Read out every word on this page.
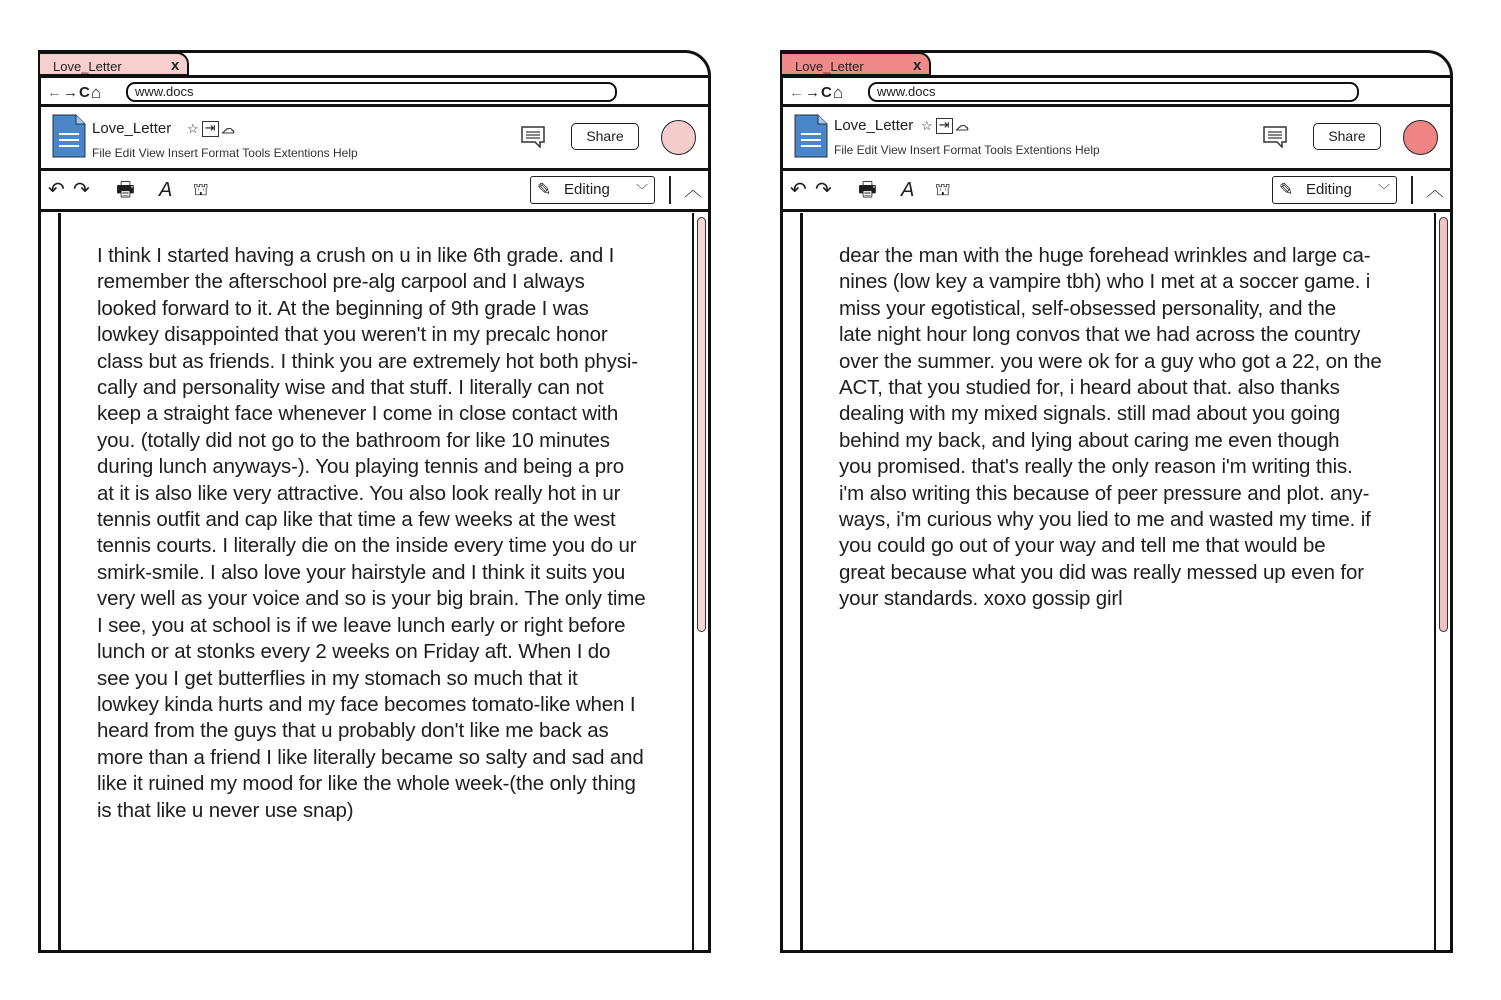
Love_Letter	x
← → C ⌂	www.docs
Love_Letter ☆ ⇥ ☁
File Edit View Insert Format Tools Extentions Help
Share
↶ ↷ 🖶 A ⛫	✎ Editing ﹀ ︿
I think I started having a crush on u in like 6th grade. and I
remember the afterschool pre-alg carpool and I always
looked forward to it. At the beginning of 9th grade I was
lowkey disappointed that you weren't in my precalc honor
class but as friends. I think you are extremely hot both physi-
cally and personality wise and that stuff. I literally can not
keep a straight face whenever I come in close contact with
you. (totally did not go to the bathroom for like 10 minutes
during lunch anyways-). You playing tennis and being a pro
at it is also like very attractive. You also look really hot in ur
tennis outfit and cap like that time a few weeks at the west
tennis courts. I literally die on the inside every time you do ur
smirk-smile. I also love your hairstyle and I think it suits you
very well as your voice and so is your big brain. The only time
I see, you at school is if we leave lunch early or right before
lunch or at stonks every 2 weeks on Friday aft. When I do
see you I get butterflies in my stomach so much that it
lowkey kinda hurts and my face becomes tomato-like when I
heard from the guys that u probably don't like me back as
more than a friend I like literally became so salty and sad and
like it ruined my mood for like the whole week-(the only thing
is that like u never use snap)
Love_Letter	x
← → C ⌂	www.docs
Love_Letter ☆ ⇥ ☁
File Edit View Insert Format Tools Extentions Help
Share
↶ ↷ 🖶 A ⛫	✎ Editing ﹀ ︿
dear the man with the huge forehead wrinkles and large ca-
nines (low key a vampire tbh) who I met at a soccer game. i
miss your egotistical, self-obsessed personality, and the
late night hour long convos that we had across the country
over the summer. you were ok for a guy who got a 22, on the
ACT, that you studied for, i heard about that. also thanks
dealing with my mixed signals. still mad about you going
behind my back, and lying about caring me even though
you promised. that's really the only reason i'm writing this.
i'm also writing this because of peer pressure and plot. any-
ways, i'm curious why you lied to me and wasted my time. if
you could go out of your way and tell me that would be
great because what you did was really messed up even for
your standards. xoxo gossip girl
